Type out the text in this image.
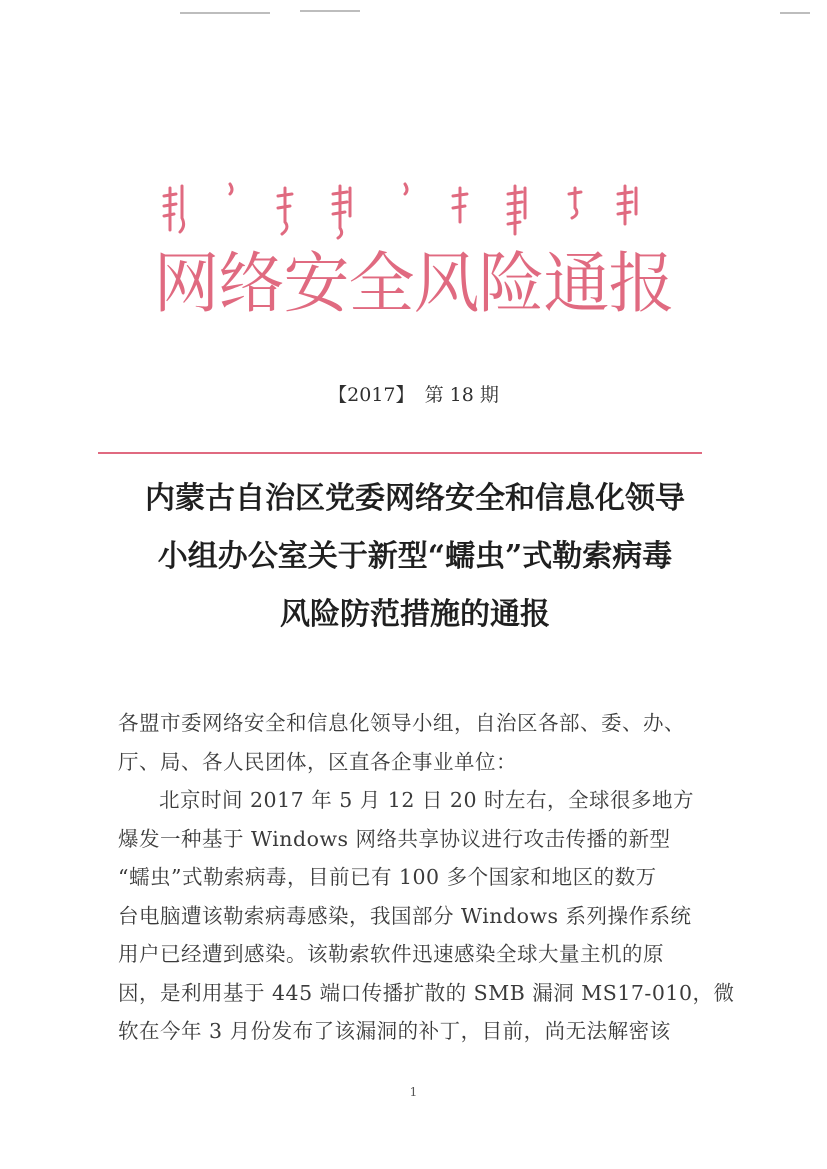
网络安全风险通报
【2017】 第 18 期
内蒙古自治区党委网络安全和信息化领导
小组办公室关于新型“蠕虫”式勒索病毒
风险防范措施的通报
各盟市委网络安全和信息化领导小组，自治区各部、委、办、
厅、局、各人民团体，区直各企事业单位：
北京时间 2017 年 5 月 12 日 20 时左右，全球很多地方
爆发一种基于 Windows 网络共享协议进行攻击传播的新型
“蠕虫”式勒索病毒，目前已有 100 多个国家和地区的数万
台电脑遭该勒索病毒感染，我国部分 Windows 系列操作系统
用户已经遭到感染。该勒索软件迅速感染全球大量主机的原
因，是利用基于 445 端口传播扩散的 SMB 漏洞 MS17-010，微
软在今年 3 月份发布了该漏洞的补丁，目前，尚无法解密该
1
